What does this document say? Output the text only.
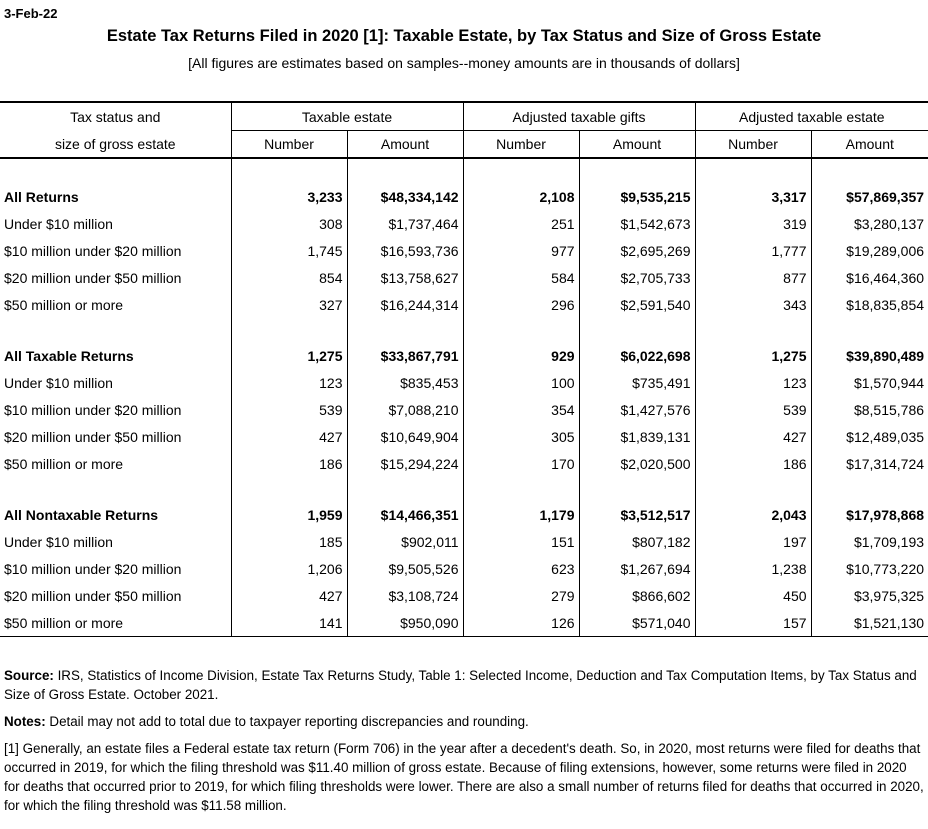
3-Feb-22
Estate Tax Returns Filed in 2020 [1]: Taxable Estate, by Tax Status and Size of Gross Estate
[All figures are estimates based on samples--money amounts are in thousands of dollars]
Tax status and	Taxable estate		Adjusted taxable gifts		Adjusted taxable estate	
size of gross estate	Number	Amount	Number	Amount	Number	Amount

All Returns	3,233	$48,334,142	2,108	$9,535,215	3,317	$57,869,357
Under $10 million	308	$1,737,464	251	$1,542,673	319	$3,280,137
$10 million under $20 million	1,745	$16,593,736	977	$2,695,269	1,777	$19,289,006
$20 million under $50 million	854	$13,758,627	584	$2,705,733	877	$16,464,360
$50 million or more	327	$16,244,314	296	$2,591,540	343	$18,835,854

All Taxable Returns	1,275	$33,867,791	929	$6,022,698	1,275	$39,890,489
Under $10 million	123	$835,453	100	$735,491	123	$1,570,944
$10 million under $20 million	539	$7,088,210	354	$1,427,576	539	$8,515,786
$20 million under $50 million	427	$10,649,904	305	$1,839,131	427	$12,489,035
$50 million or more	186	$15,294,224	170	$2,020,500	186	$17,314,724

All Nontaxable Returns	1,959	$14,466,351	1,179	$3,512,517	2,043	$17,978,868
Under $10 million	185	$902,011	151	$807,182	197	$1,709,193
$10 million under $20 million	1,206	$9,505,526	623	$1,267,694	1,238	$10,773,220
$20 million under $50 million	427	$3,108,724	279	$866,602	450	$3,975,325
$50 million or more	141	$950,090	126	$571,040	157	$1,521,130

Source: IRS, Statistics of Income Division, Estate Tax Returns Study, Table 1: Selected Income, Deduction and Tax Computation Items, by Tax Status and Size of Gross Estate. October 2021.

Notes: Detail may not add to total due to taxpayer reporting discrepancies and rounding.

[1] Generally, an estate files a Federal estate tax return (Form 706) in the year after a decedent's death. So, in 2020, most returns were filed for deaths that occurred in 2019, for which the filing threshold was $11.40 million of gross estate. Because of filing extensions, however, some returns were filed in 2020 for deaths that occurred prior to 2019, for which filing thresholds were lower. There are also a small number of returns filed for deaths that occurred in 2020, for which the filing threshold was $11.58 million.
